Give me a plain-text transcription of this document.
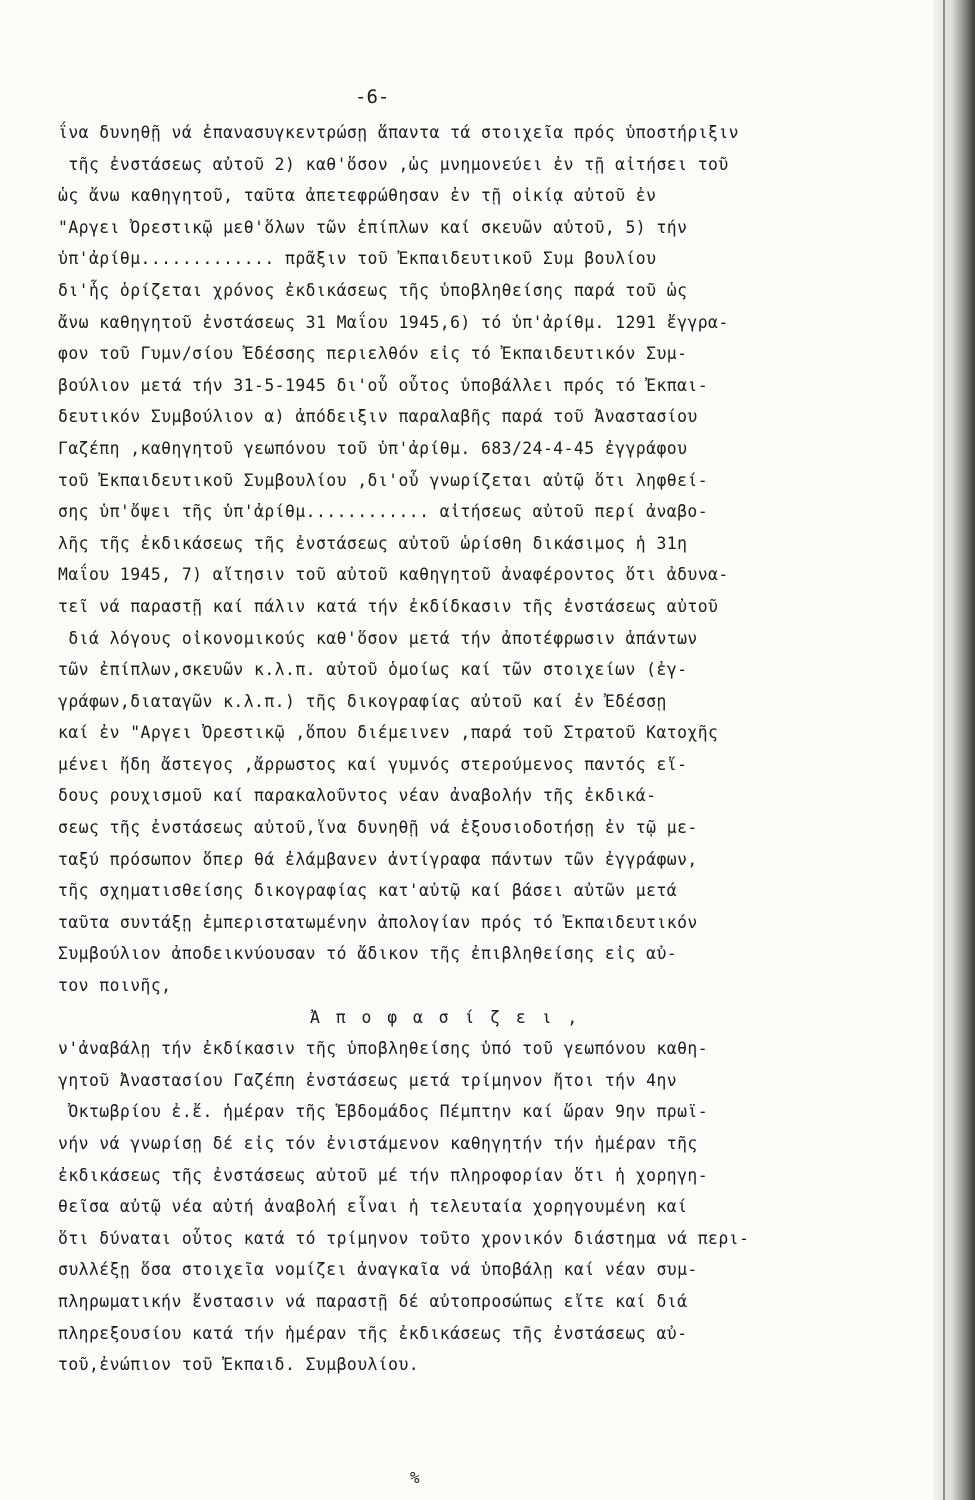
-6-
ΐνα δυνηθῇ νά ἐπανασυγκεντρώσῃ ἅπαντα τά στοιχεῖα πρός ὑποστήριξιν
τῆς ἐνστάσεως αὐτοῦ 2) καθ'ὅσον ,ὡς μνημονεύει ἐν τῇ αἰτήσει τοῦ
ὡς ἄνω καθηγητοῦ, ταῦτα ἀπετεφρώθησαν ἐν τῇ οἰκίᾳ αὐτοῦ ἐν
"Αργει Ὀρεστικῷ μεθ'ὅλων τῶν ἐπίπλων καί σκευῶν αὐτοῦ, 5) τήν
ὑπ'ἀρίθμ............. πρᾶξιν τοῦ Ἐκπαιδευτικοῦ Συμ βουλίου
δι'ἧς ὁρίζεται χρόνος ἐκδικάσεως τῆς ὑποβληθείσης παρά τοῦ ὡς
ἄνω καθηγητοῦ ἐνστάσεως 31 Μαΐου 1945,6) τό ὑπ'ἀρίθμ. 1291 ἔγγρα-
φον τοῦ Γυμν/σίου Ἐδέσσης περιελθόν εἰς τό Ἐκπαιδευτικόν Συμ-
βούλιον μετά τήν 31-5-1945 δι'οὗ οὗτος ὑποβάλλει πρός τό Ἐκπαι-
δευτικόν Συμβούλιον α) ἀπόδειξιν παραλαβῆς παρά τοῦ Ἀναστασίου
Γαζέπη ,καθηγητοῦ γεωπόνου τοῦ ὑπ'ἀρίθμ. 683/24-4-45 ἐγγράφου
τοῦ Ἐκπαιδευτικοῦ Συμβουλίου ,δι'οὗ γνωρίζεται αὐτῷ ὅτι ληφθεί-
σης ὑπ'ὄψει τῆς ὑπ'ἀρίθμ............ αἰτήσεως αὐτοῦ περί ἀναβο-
λῆς τῆς ἐκδικάσεως τῆς ἐνστάσεως αὐτοῦ ὡρίσθη δικάσιμος ἡ 31η
Μαΐου 1945, 7) αἴτησιν τοῦ αὐτοῦ καθηγητοῦ ἀναφέροντος ὅτι ἀδυνα-
τεῖ νά παραστῇ καί πάλιν κατά τήν ἐκδίδκασιν τῆς ἐνστάσεως αὐτοῦ
διά λόγους οἰκονομικούς καθ'ὅσον μετά τήν ἀποτέφρωσιν ἁπάντων
τῶν ἐπίπλων,σκευῶν κ.λ.π. αὐτοῦ ὁμοίως καί τῶν στοιχείων (ἐγ-
γράφων,διαταγῶν κ.λ.π.) τῆς δικογραφίας αὐτοῦ καί ἐν Ἐδέσσῃ
καί ἐν "Αργει Ὀρεστικῷ ,ὅπου διέμεινεν ,παρά τοῦ Στρατοῦ Κατοχῆς
μένει ἤδη ἄστεγος ,ἄρρωστος καί γυμνός στερούμενος παντός εἴ-
δους ρουχισμοῦ καί παρακαλοῦντος νέαν ἀναβολήν τῆς ἐκδικά-
σεως τῆς ἐνστάσεως αὐτοῦ,ἵνα δυνηθῇ νά ἐξουσιοδοτήσῃ ἐν τῷ με-
ταξύ πρόσωπον ὅπερ θά ἐλάμβανεν ἀντίγραφα πάντων τῶν ἐγγράφων,
τῆς σχηματισθείσης δικογραφίας κατ'αὐτῷ καί βάσει αὐτῶν μετά
ταῦτα συντάξῃ ἐμπεριστατωμένην ἀπολογίαν πρός τό Ἐκπαιδευτικόν
Συμβούλιον ἀποδεικνύουσαν τό ἄδικον τῆς ἐπιβληθείσης εἰς αὐ-
τον ποινῆς,
Ἀ π ο φ α σ ί ζ ε ι ,
ν'ἀναβάλῃ τήν ἐκδίκασιν τῆς ὑποβληθείσης ὑπό τοῦ γεωπόνου καθη-
γητοῦ Ἀναστασίου Γαζέπη ἐνστάσεως μετά τρίμηνον ἤτοι τήν 4ην
Ὀκτωβρίου ἐ.ἔ. ἡμέραν τῆς Ἑβδομάδος Πέμπτην καί ὥραν 9ην πρωϊ-
νήν νά γνωρίσῃ δέ εἰς τόν ἐνιστάμενον καθηγητήν τήν ἡμέραν τῆς
ἐκδικάσεως τῆς ἐνστάσεως αὐτοῦ μέ τήν πληροφορίαν ὅτι ἡ χορηγη-
θεῖσα αὐτῷ νέα αὐτή ἀναβολή εἶναι ἡ τελευταία χορηγουμένη καί
ὅτι δύναται οὗτος κατά τό τρίμηνον τοῦτο χρονικόν διάστημα νά περι-
συλλέξῃ ὅσα στοιχεῖα νομίζει ἀναγκαῖα νά ὑποβάλῃ καί νέαν συμ-
πληρωματικήν ἔνστασιν νά παραστῇ δέ αὐτοπροσώπως εἴτε καί διά
πληρεξουσίου κατά τήν ἡμέραν τῆς ἐκδικάσεως τῆς ἐνστάσεως αὐ-
τοῦ,ἐνώπιον τοῦ Ἐκπαιδ. Συμβουλίου.
%
